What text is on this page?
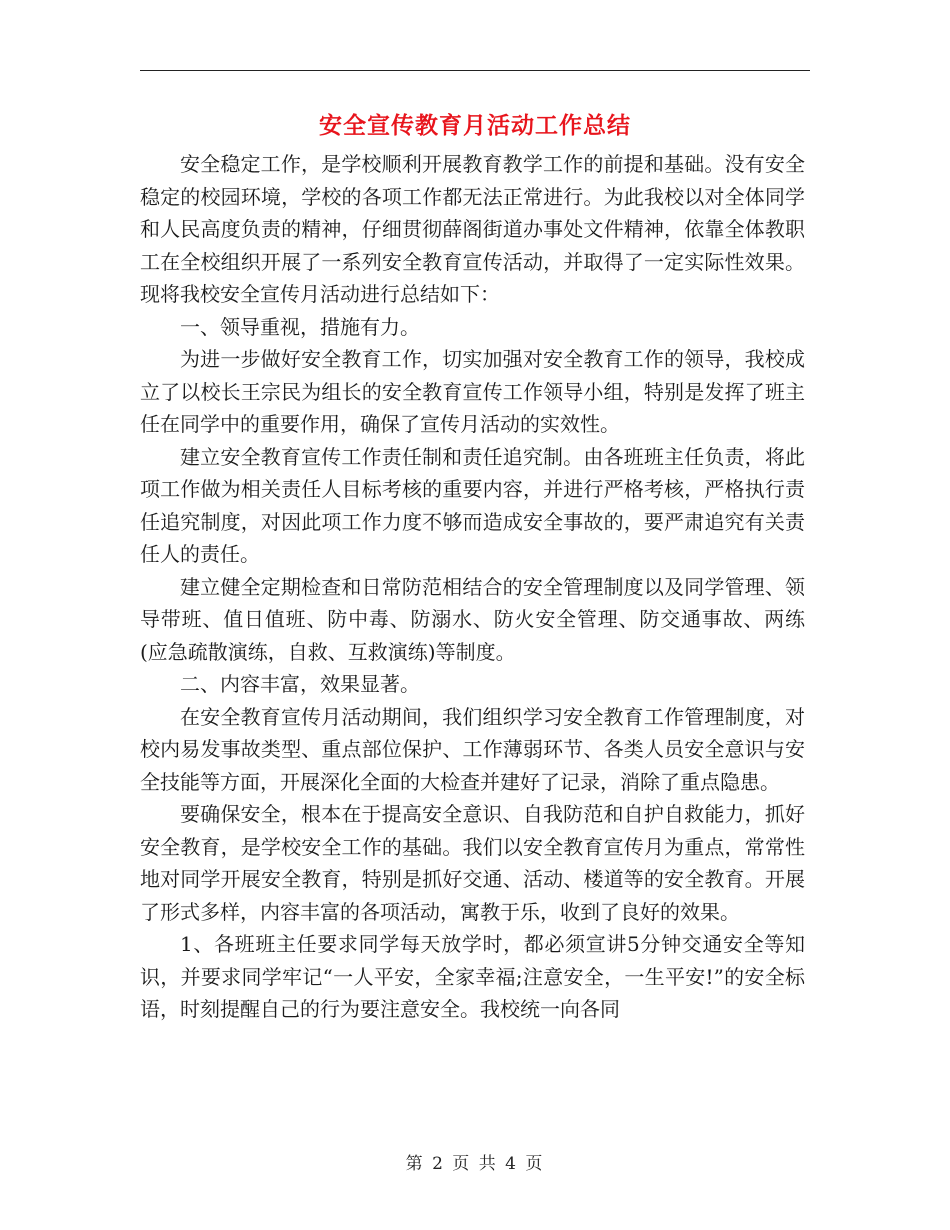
安全宣传教育月活动工作总结

安全稳定工作，是学校顺利开展教育教学工作的前提和基础。没有安全稳定的校园环境，学校的各项工作都无法正常进行。为此我校以对全体同学和人民高度负责的精神，仔细贯彻薛阁街道办事处文件精神，依靠全体教职工在全校组织开展了一系列安全教育宣传活动，并取得了一定实际性效果。现将我校安全宣传月活动进行总结如下：

一、领导重视，措施有力。

为进一步做好安全教育工作，切实加强对安全教育工作的领导，我校成立了以校长王宗民为组长的安全教育宣传工作领导小组，特别是发挥了班主任在同学中的重要作用，确保了宣传月活动的实效性。

建立安全教育宣传工作责任制和责任追究制。由各班班主任负责，将此项工作做为相关责任人目标考核的重要内容，并进行严格考核，严格执行责任追究制度，对因此项工作力度不够而造成安全事故的，要严肃追究有关责任人的责任。

建立健全定期检查和日常防范相结合的安全管理制度以及同学管理、领导带班、值日值班、防中毒、防溺水、防火安全管理、防交通事故、两练(应急疏散演练，自救、互救演练)等制度。

二、内容丰富，效果显著。

在安全教育宣传月活动期间，我们组织学习安全教育工作管理制度，对校内易发事故类型、重点部位保护、工作薄弱环节、各类人员安全意识与安全技能等方面，开展深化全面的大检查并建好了记录，消除了重点隐患。

要确保安全，根本在于提高安全意识、自我防范和自护自救能力，抓好安全教育，是学校安全工作的基础。我们以安全教育宣传月为重点，常常性地对同学开展安全教育，特别是抓好交通、活动、楼道等的安全教育。开展了形式多样，内容丰富的各项活动，寓教于乐，收到了良好的效果。

1、各班班主任要求同学每天放学时，都必须宣讲5分钟交通安全等知识，并要求同学牢记“一人平安，全家幸福;注意安全，一生平安!”的安全标语，时刻提醒自己的行为要注意安全。我校统一向各同

第 2 页 共 4 页
